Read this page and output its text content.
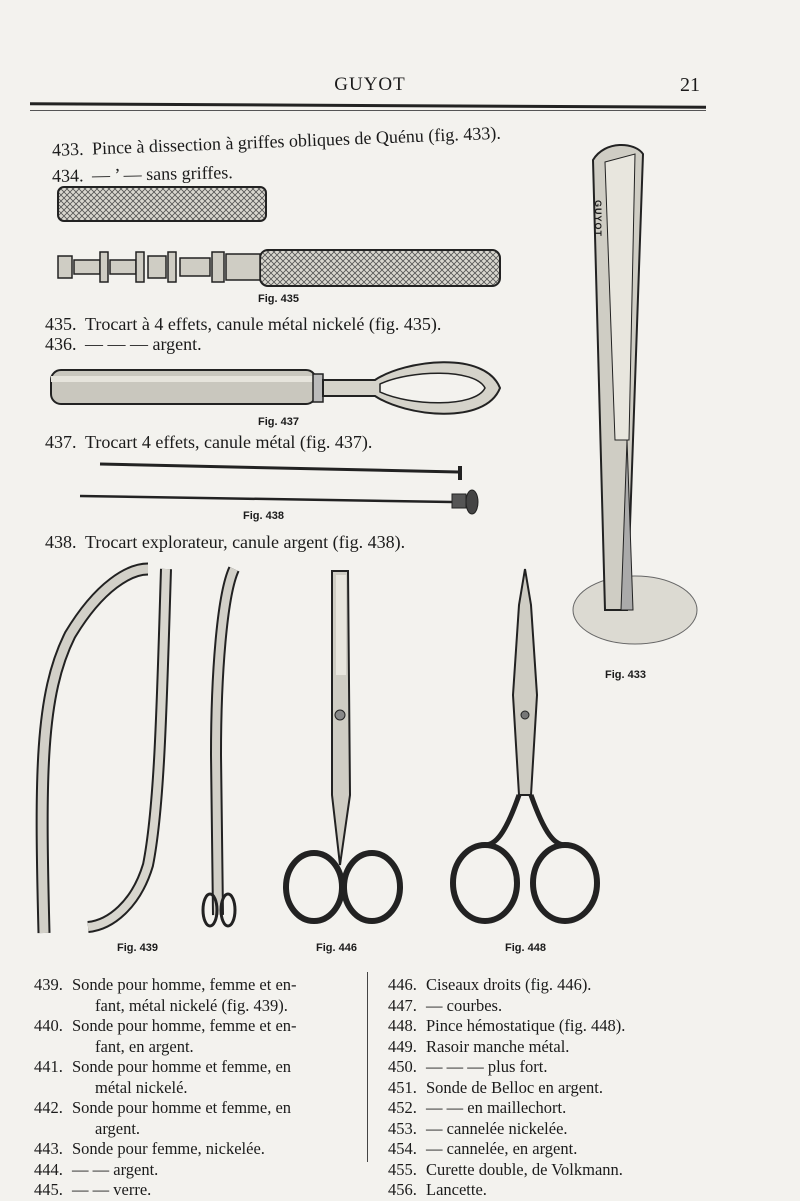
GUYOT	21
433. Pince à dissection à griffes obliques de Quénu (fig. 433).
434. — ’ — sans griffes.
Fig. 435
435. Trocart à 4 effets, canule métal nickelé (fig. 435).
436. — — — argent.
Fig. 437
437. Trocart 4 effets, canule métal (fig. 437).
Fig. 438
438. Trocart explorateur, canule argent (fig. 438).
GUYOT
Fig. 433
Fig. 439	Fig. 446	Fig. 448
439. Sonde pour homme, femme et en-
fant, métal nickelé (fig. 439).
440. Sonde pour homme, femme et en-
fant, en argent.
441. Sonde pour homme et femme, en
métal nickelé.
442. Sonde pour homme et femme, en
argent.
443. Sonde pour femme, nickelée.
444. — — argent.
445. — — verre.
446. Ciseaux droits (fig. 446).
447. — courbes.
448. Pince hémostatique (fig. 448).
449. Rasoir manche métal.
450. — — — plus fort.
451. Sonde de Belloc en argent.
452. — — en maillechort.
453. — cannelée nickelée.
454. — cannelée, en argent.
455. Curette double, de Volkmann.
456. Lancette.
